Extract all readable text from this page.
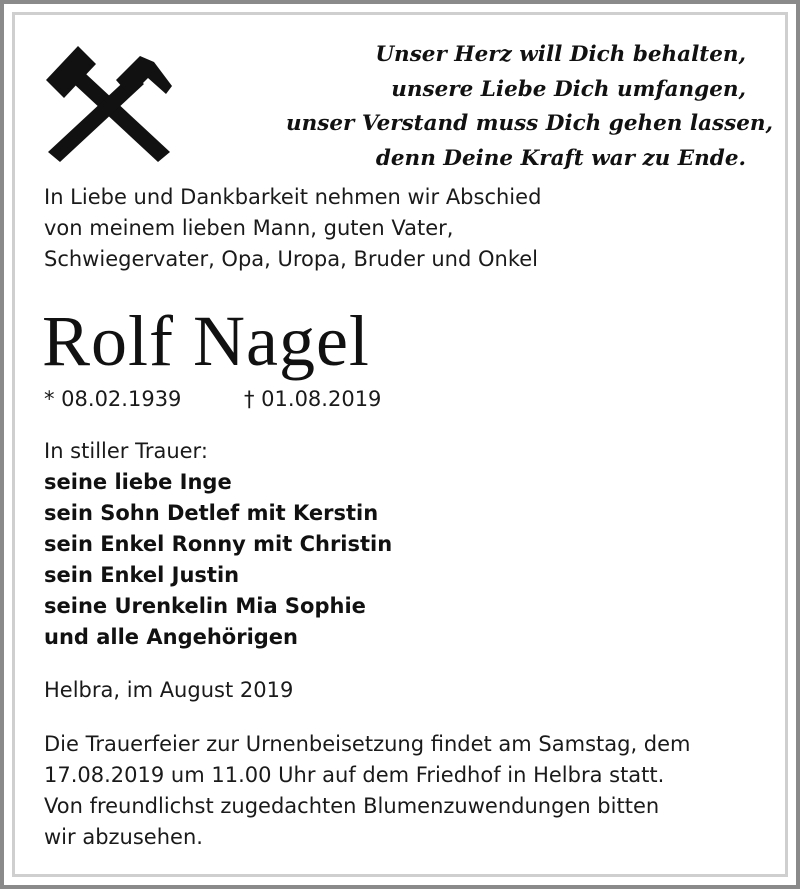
Unser Herz will Dich behalten,
unsere Liebe Dich umfangen,
unser Verstand muss Dich gehen lassen,
denn Deine Kraft war zu Ende.
In Liebe und Dankbarkeit nehmen wir Abschied
von meinem lieben Mann, guten Vater,
Schwiegervater, Opa, Uropa, Bruder und Onkel
Rolf Nagel
* 08.02.1939	† 01.08.2019
In stiller Trauer:
seine liebe Inge
sein Sohn Detlef mit Kerstin
sein Enkel Ronny mit Christin
sein Enkel Justin
seine Urenkelin Mia Sophie
und alle Angehörigen
Helbra, im August 2019
Die Trauerfeier zur Urnenbeisetzung findet am Samstag, dem
17.08.2019 um 11.00 Uhr auf dem Friedhof in Helbra statt.
Von freundlichst zugedachten Blumenzuwendungen bitten
wir abzusehen.
